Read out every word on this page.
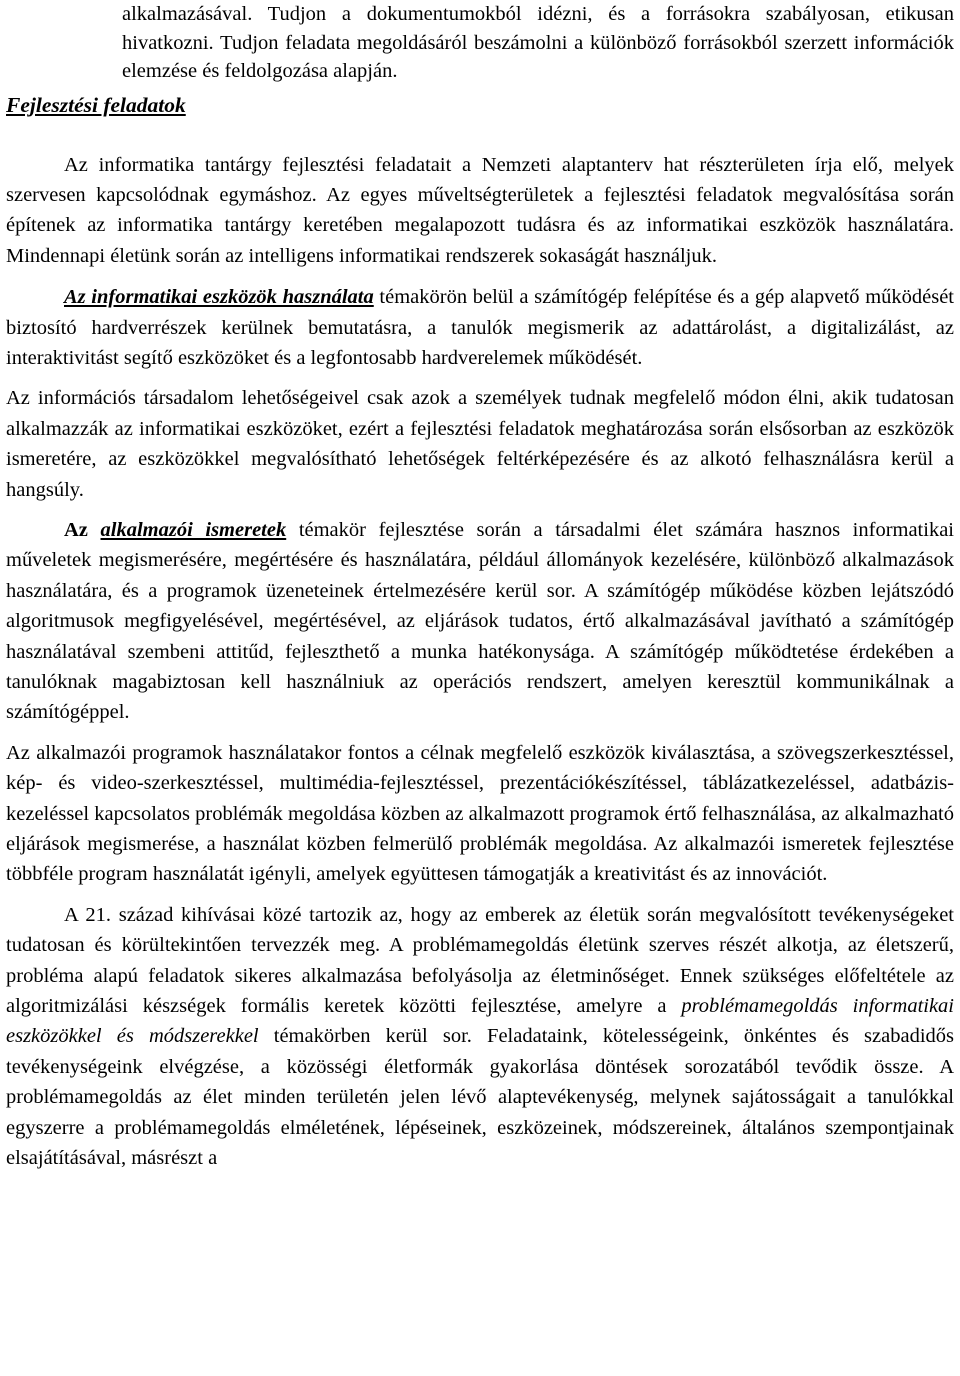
alkalmazásával. Tudjon a dokumentumokból idézni, és a forrásokra szabályosan, etikusan hivatkozni. Tudjon feladata megoldásáról beszámolni a különböző forrásokból szerzett információk elemzése és feldolgozása alapján.

Fejlesztési feladatok

Az informatika tantárgy fejlesztési feladatait a Nemzeti alaptanterv hat részterületen írja elő, melyek szervesen kapcsolódnak egymáshoz. Az egyes műveltségterületek a fejlesztési feladatok megvalósítása során építenek az informatika tantárgy keretében megalapozott tudásra és az informatikai eszközök használatára. Mindennapi életünk során az intelligens informatikai rendszerek sokaságát használjuk.

Az informatikai eszközök használata témakörön belül a számítógép felépítése és a gép alapvető működését biztosító hardverrészek kerülnek bemutatásra, a tanulók megismerik az adattárolást, a digitalizálást, az interaktivitást segítő eszközöket és a legfontosabb hardverelemek működését.

Az információs társadalom lehetőségeivel csak azok a személyek tudnak megfelelő módon élni, akik tudatosan alkalmazzák az informatikai eszközöket, ezért a fejlesztési feladatok meghatározása során elsősorban az eszközök ismeretére, az eszközökkel megvalósítható lehetőségek feltérképezésére és az alkotó felhasználásra kerül a hangsúly.

Az alkalmazói ismeretek témakör fejlesztése során a társadalmi élet számára hasznos informatikai műveletek megismerésére, megértésére és használatára, például állományok kezelésére, különböző alkalmazások használatára, és a programok üzeneteinek értelmezésére kerül sor. A számítógép működése közben lejátszódó algoritmusok megfigyelésével, megértésével, az eljárások tudatos, értő alkalmazásával javítható a számítógép használatával szembeni attitűd, fejleszthető a munka hatékonysága. A számítógép működtetése érdekében a tanulóknak magabiztosan kell használniuk az operációs rendszert, amelyen keresztül kommunikálnak a számítógéppel.

Az alkalmazói programok használatakor fontos a célnak megfelelő eszközök kiválasztása, a szövegszerkesztéssel, kép- és video-szerkesztéssel, multimédia-fejlesztéssel, prezentációkészítéssel, táblázatkezeléssel, adatbázis-kezeléssel kapcsolatos problémák megoldása közben az alkalmazott programok értő felhasználása, az alkalmazható eljárások megismerése, a használat közben felmerülő problémák megoldása. Az alkalmazói ismeretek fejlesztése többféle program használatát igényli, amelyek együttesen támogatják a kreativitást és az innovációt.

A 21. század kihívásai közé tartozik az, hogy az emberek az életük során megvalósított tevékenységeket tudatosan és körültekintően tervezzék meg. A problémamegoldás életünk szerves részét alkotja, az életszerű, probléma alapú feladatok sikeres alkalmazása befolyásolja az életminőséget. Ennek szükséges előfeltétele az algoritmizálási készségek formális keretek közötti fejlesztése, amelyre a problémamegoldás informatikai eszközökkel és módszerekkel témakörben kerül sor. Feladataink, kötelességeink, önkéntes és szabadidős tevékenységeink elvégzése, a közösségi életformák gyakorlása döntések sorozatából tevődik össze. A problémamegoldás az élet minden területén jelen lévő alaptevékenység, melynek sajátosságait a tanulókkal egyszerre a problémamegoldás elméletének, lépéseinek, eszközeinek, módszereinek, általános szempontjainak elsajátításával, másrészt a
